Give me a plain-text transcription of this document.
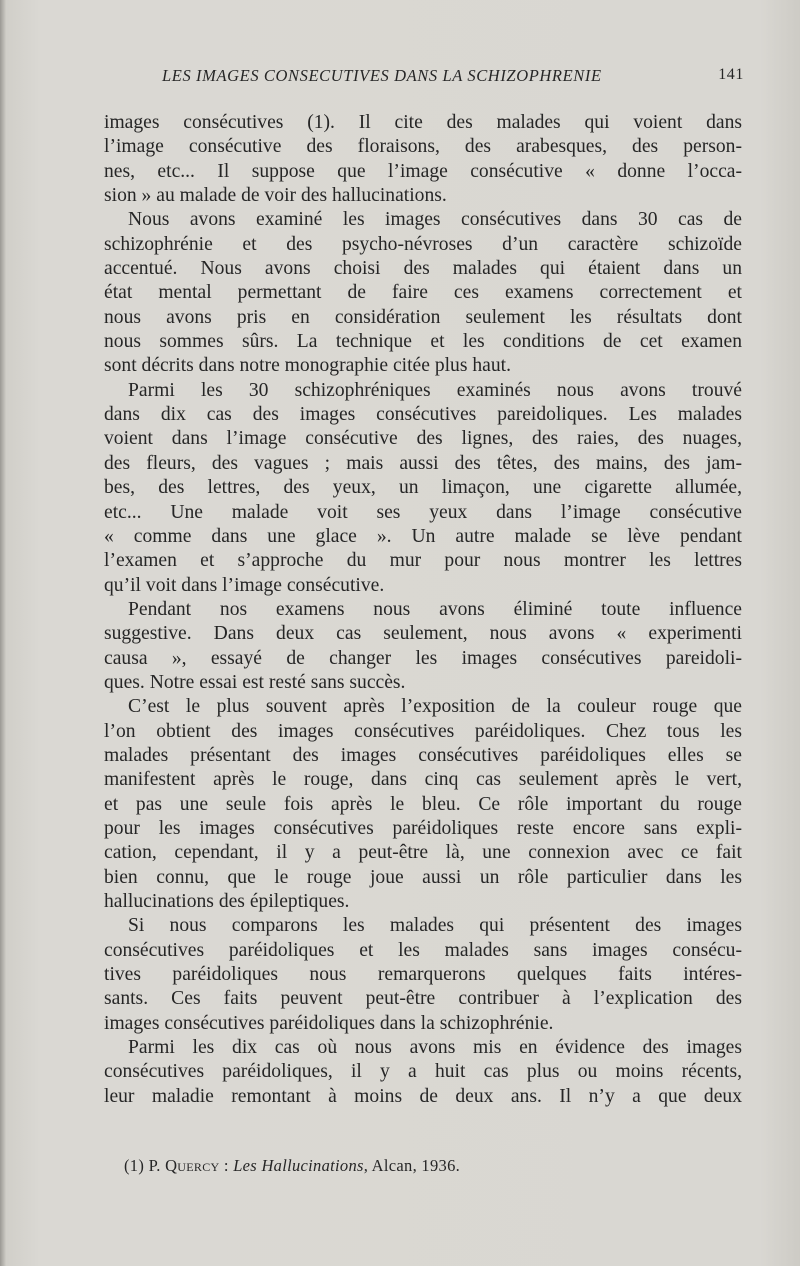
LES IMAGES CONSECUTIVES DANS LA SCHIZOPHRENIE	141
images consécutives (1). Il cite des malades qui voient dans
l’image consécutive des floraisons, des arabesques, des person-
nes, etc... Il suppose que l’image consécutive « donne l’occa-
sion » au malade de voir des hallucinations.
Nous avons examiné les images consécutives dans 30 cas de
schizophrénie et des psycho-névroses d’un caractère schizoïde
accentué. Nous avons choisi des malades qui étaient dans un
état mental permettant de faire ces examens correctement et
nous avons pris en considération seulement les résultats dont
nous sommes sûrs. La technique et les conditions de cet examen
sont décrits dans notre monographie citée plus haut.
Parmi les 30 schizophréniques examinés nous avons trouvé
dans dix cas des images consécutives pareidoliques. Les malades
voient dans l’image consécutive des lignes, des raies, des nuages,
des fleurs, des vagues ; mais aussi des têtes, des mains, des jam-
bes, des lettres, des yeux, un limaçon, une cigarette allumée,
etc... Une malade voit ses yeux dans l’image consécutive
« comme dans une glace ». Un autre malade se lève pendant
l’examen et s’approche du mur pour nous montrer les lettres
qu’il voit dans l’image consécutive.
Pendant nos examens nous avons éliminé toute influence
suggestive. Dans deux cas seulement, nous avons « experimenti
causa », essayé de changer les images consécutives pareidoli-
ques. Notre essai est resté sans succès.
C’est le plus souvent après l’exposition de la couleur rouge que
l’on obtient des images consécutives paréidoliques. Chez tous les
malades présentant des images consécutives paréidoliques elles se
manifestent après le rouge, dans cinq cas seulement après le vert,
et pas une seule fois après le bleu. Ce rôle important du rouge
pour les images consécutives paréidoliques reste encore sans expli-
cation, cependant, il y a peut-être là, une connexion avec ce fait
bien connu, que le rouge joue aussi un rôle particulier dans les
hallucinations des épileptiques.
Si nous comparons les malades qui présentent des images
consécutives paréidoliques et les malades sans images consécu-
tives paréidoliques nous remarquerons quelques faits intéres-
sants. Ces faits peuvent peut-être contribuer à l’explication des
images consécutives paréidoliques dans la schizophrénie.
Parmi les dix cas où nous avons mis en évidence des images
consécutives paréidoliques, il y a huit cas plus ou moins récents,
leur maladie remontant à moins de deux ans. Il n’y a que deux
(1) P. Quercy : Les Hallucinations, Alcan, 1936.
